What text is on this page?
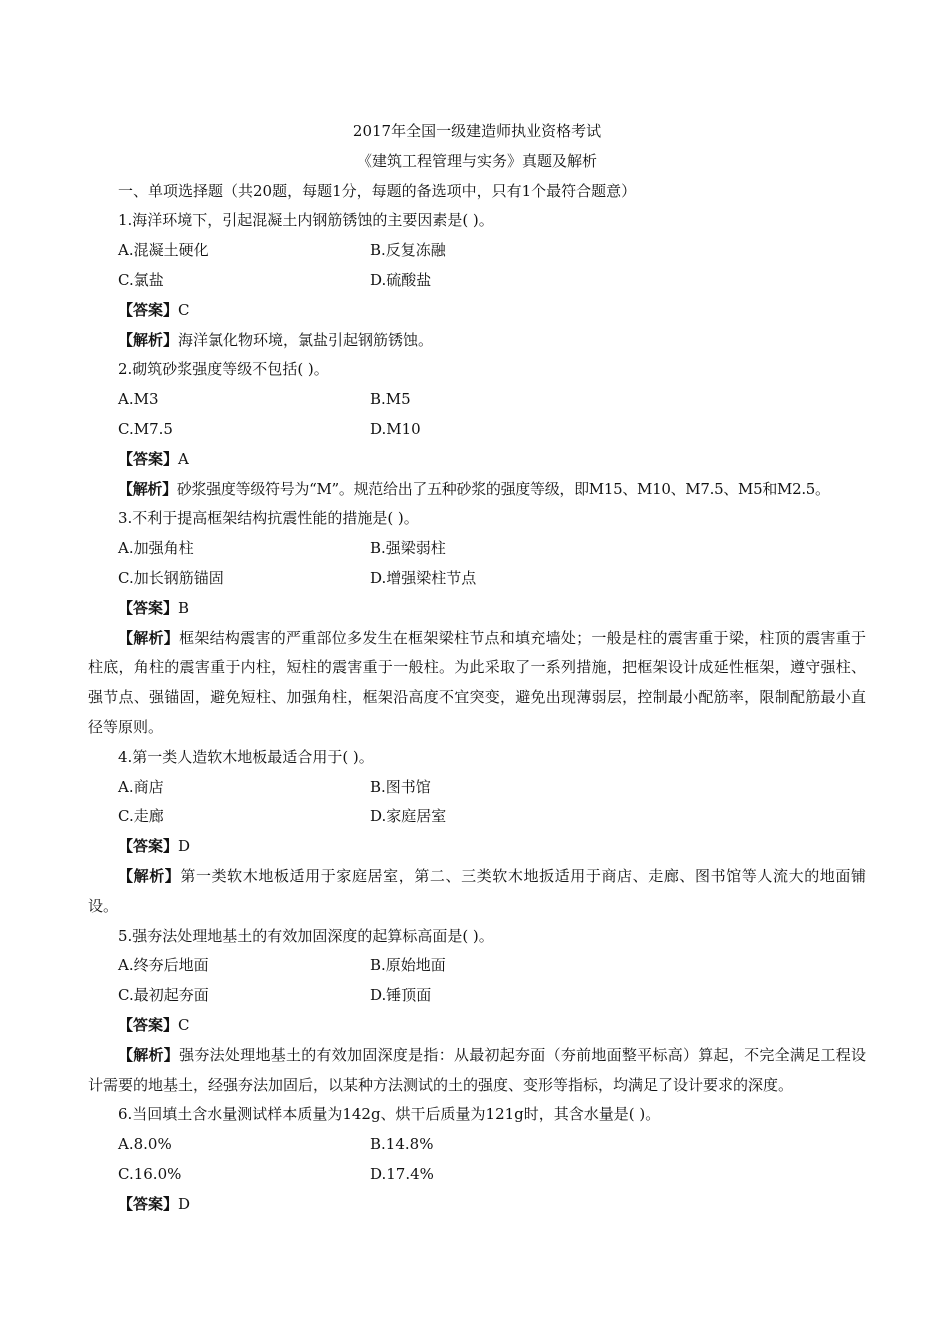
2017年全国一级建造师执业资格考试

《建筑工程管理与实务》真题及解析

一、单项选择题（共20题，每题1分，每题的备选项中，只有1个最符合题意）

1.海洋环境下，引起混凝土内钢筋锈蚀的主要因素是( )。

A.混凝土硬化	B.反复冻融
C.氯盐	D.硫酸盐

【答案】C

【解析】海洋氯化物环境，氯盐引起钢筋锈蚀。

2.砌筑砂浆强度等级不包括( )。

A.M3	B.M5
C.M7.5	D.M10

【答案】A

【解析】砂浆强度等级符号为“M”。规范给出了五种砂浆的强度等级，即M15、M10、M7.5、M5和M2.5。

3.不利于提高框架结构抗震性能的措施是( )。

A.加强角柱	B.强梁弱柱
C.加长钢筋锚固	D.增强梁柱节点

【答案】B

【解析】框架结构震害的严重部位多发生在框架梁柱节点和填充墙处；一般是柱的震害重于梁，柱顶的震害重于柱底，角柱的震害重于内柱，短柱的震害重于一般柱。为此采取了一系列措施，把框架设计成延性框架，遵守强柱、强节点、强锚固，避免短柱、加强角柱，框架沿高度不宜突变，避免出现薄弱层，控制最小配筋率，限制配筋最小直径等原则。

4.第一类人造软木地板最适合用于( )。

A.商店	B.图书馆
C.走廊	D.家庭居室

【答案】D

【解析】第一类软木地板适用于家庭居室，第二、三类软木地扳适用于商店、走廊、图书馆等人流大的地面铺设。

5.强夯法处理地基土的有效加固深度的起算标高面是( )。

A.终夯后地面	B.原始地面
C.最初起夯面	D.锤顶面

【答案】C

【解析】强夯法处理地基土的有效加固深度是指：从最初起夯面（夯前地面整平标高）算起，不完全满足工程设计需要的地基土，经强夯法加固后，以某种方法测试的土的强度、变形等指标，均满足了设计要求的深度。

6.当回填土含水量测试样本质量为142g、烘干后质量为121g时，其含水量是( )。

A.8.0%	B.14.8%
C.16.0%	D.17.4%

【答案】D
